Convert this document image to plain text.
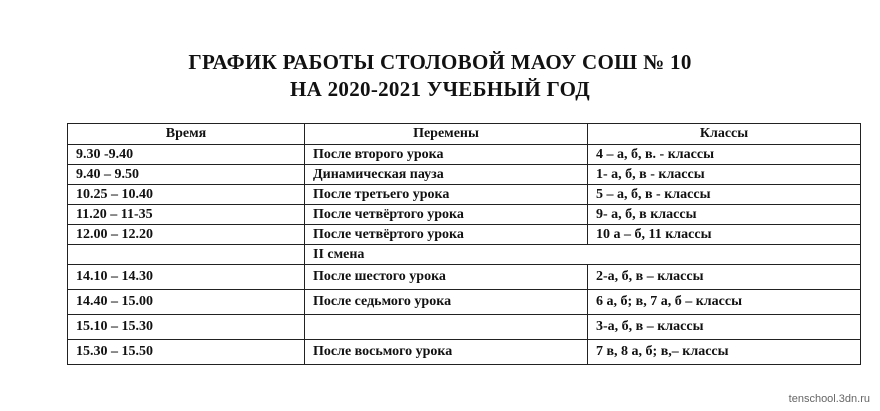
ГРАФИК РАБОТЫ СТОЛОВОЙ МАОУ СОШ № 10
НА 2020-2021 УЧЕБНЫЙ ГОД
Время	Перемены	Классы
9.30 -9.40	После второго урока	4 – а, б, в. - классы
9.40 – 9.50	Динамическая пауза	1- а, б, в - классы
10.25 – 10.40	После третьего урока	5 – а, б, в - классы
11.20 – 11-35	После четвёртого урока	9- а, б, в классы
12.00 – 12.20	После четвёртого урока	10 а – б, 11 классы
	II смена	
14.10 – 14.30	После шестого урока	2-а, б, в – классы
14.40 – 15.00	После седьмого урока	6 а, б; в, 7 а, б – классы
15.10 – 15.30		3-а, б, в – классы
15.30 – 15.50	После восьмого урока	7 в, 8 а, б; в,– классы
tenschool.3dn.ru
